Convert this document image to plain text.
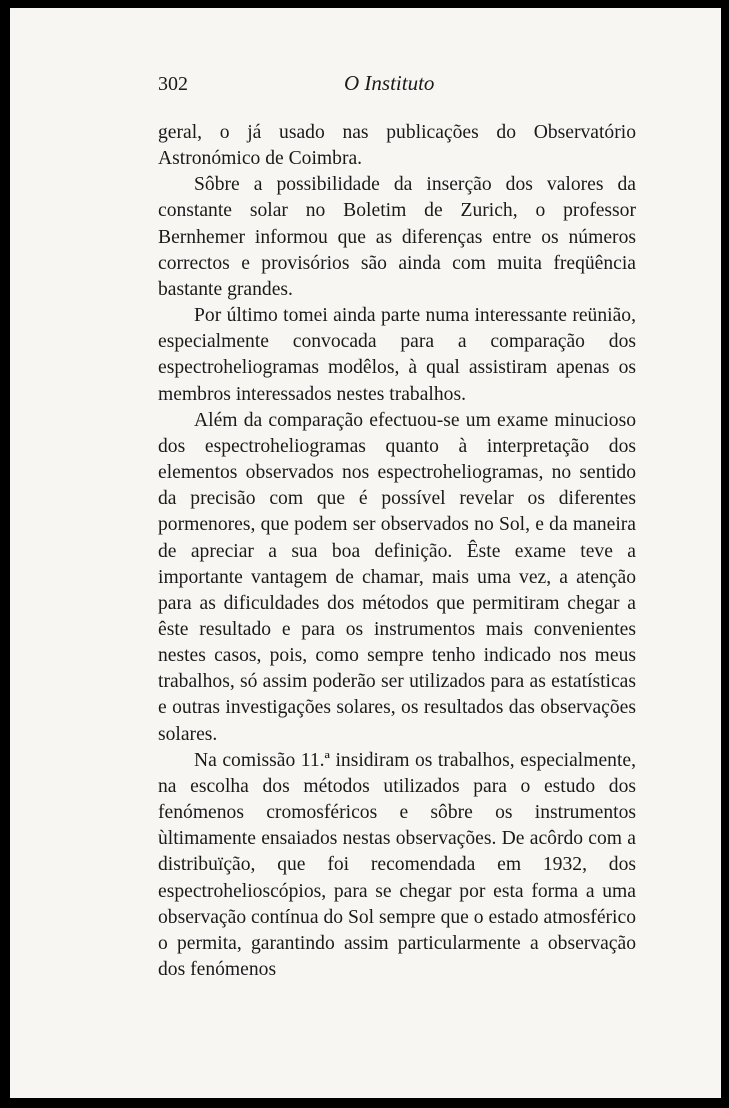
302	O Instituto

geral, o já usado nas publicações do Observatório Astronómico de Coimbra.

Sôbre a possibilidade da inserção dos valores da constante solar no Boletim de Zurich, o professor Bernhemer informou que as diferenças entre os números correctos e provisórios são ainda com muita freqüência bastante grandes.

Por último tomei ainda parte numa interessante reünião, especialmente convocada para a comparação dos espectroheliogramas modêlos, à qual assistiram apenas os membros interessados nestes trabalhos.

Além da comparação efectuou-se um exame minucioso dos espectroheliogramas quanto à interpretação dos elementos observados nos espectroheliogramas, no sentido da precisão com que é possível revelar os diferentes pormenores, que podem ser observados no Sol, e da maneira de apreciar a sua boa definição. Êste exame teve a importante vantagem de chamar, mais uma vez, a atenção para as dificuldades dos métodos que permitiram chegar a êste resultado e para os instrumentos mais convenientes nestes casos, pois, como sempre tenho indicado nos meus trabalhos, só assim poderão ser utilizados para as estatísticas e outras investigações solares, os resultados das observações solares.

Na comissão 11.ª insidiram os trabalhos, especialmente, na escolha dos métodos utilizados para o estudo dos fenómenos cromosféricos e sôbre os instrumentos ùltimamente ensaiados nestas observações. De acôrdo com a distribuïção, que foi recomendada em 1932, dos espectrohelioscópios, para se chegar por esta forma a uma observação contínua do Sol sempre que o estado atmosférico o permita, garantindo assim particularmente a observação dos fenómenos
